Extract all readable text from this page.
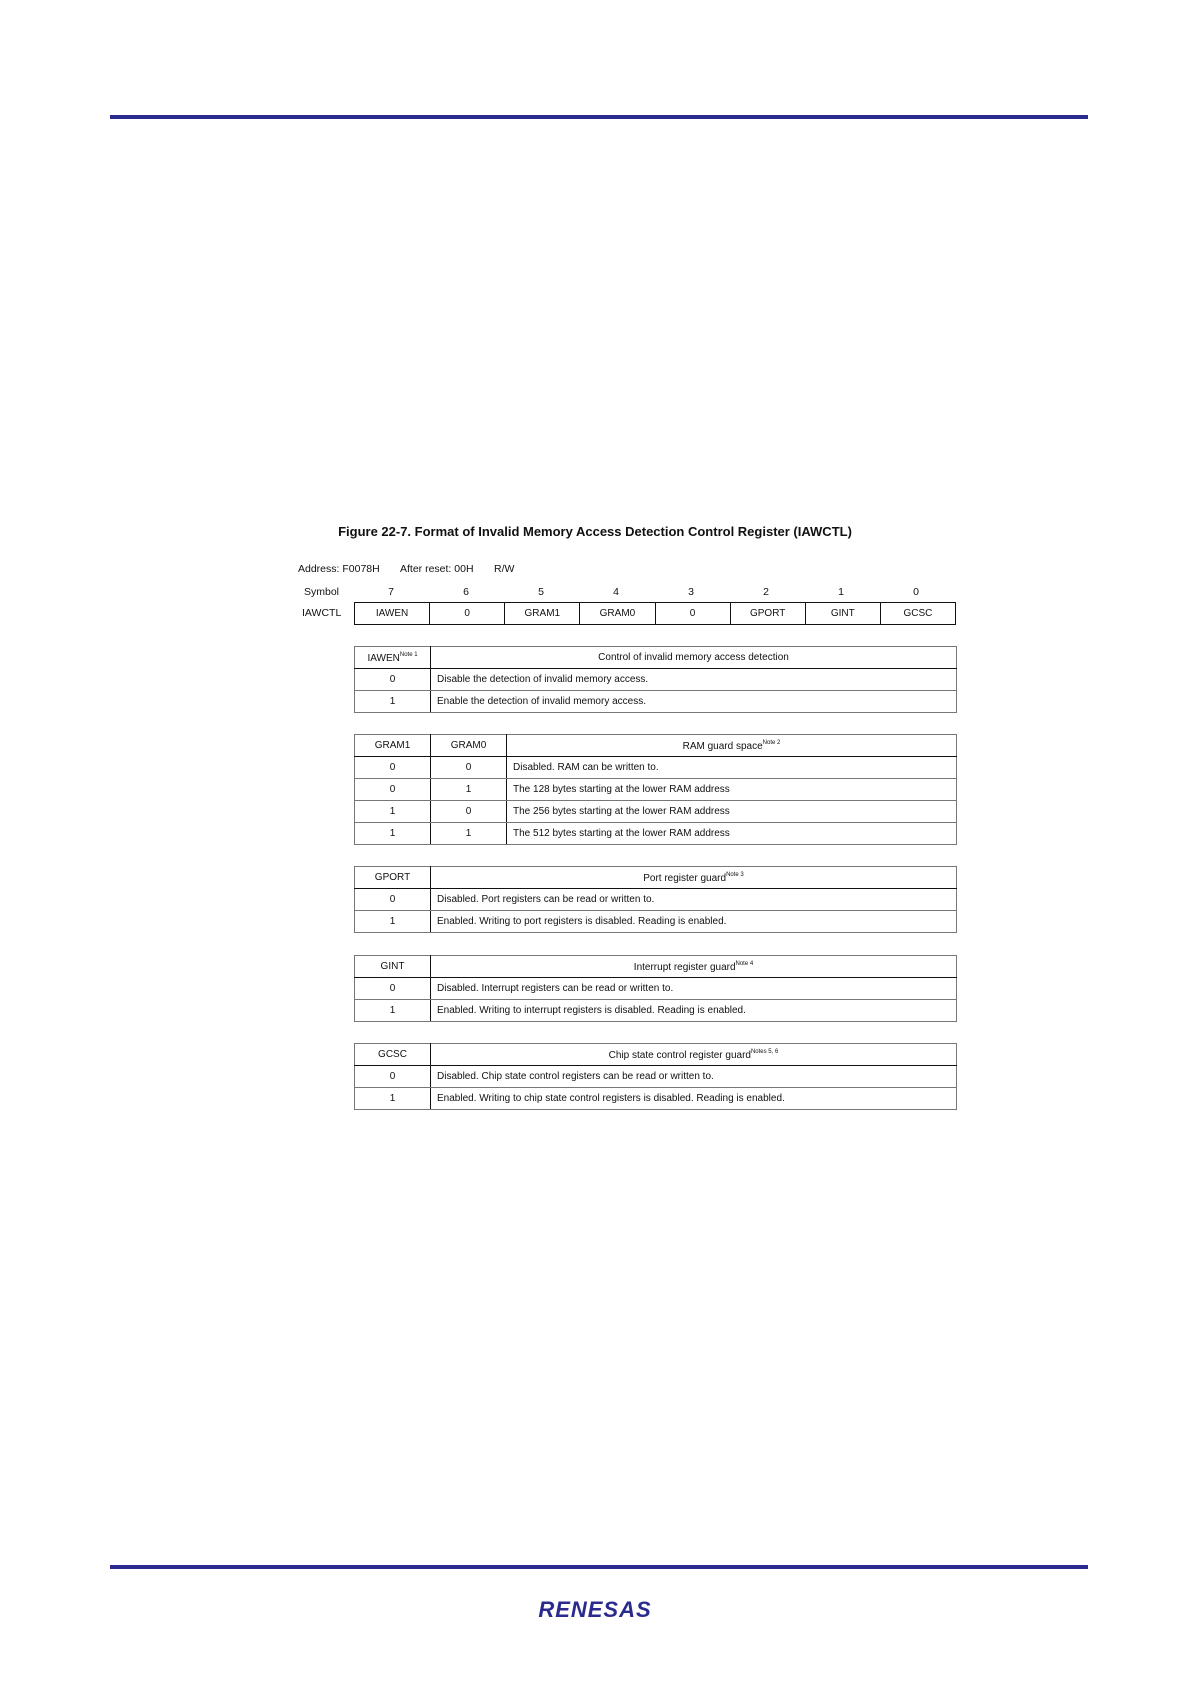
Figure 22-7. Format of Invalid Memory Access Detection Control Register (IAWCTL)
Address: F0078H After reset: 00H R/W
Symbol	7	6	5	4	3	2	1	0
IAWCTL	IAWEN	0	GRAM1	GRAM0	0	GPORT	GINT	GCSC
$IAWEN^{Note 1}$	Control of invalid memory access detection
0	Disable the detection of invalid memory access.
1	Enable the detection of invalid memory access.
GRAM1	GRAM0	RAM guard space$^{Note 2}$
0	0	Disabled. RAM can be written to.
0	1	The 128 bytes starting at the lower RAM address
1	0	The 256 bytes starting at the lower RAM address
1	1	The 512 bytes starting at the lower RAM address
GPORT	Port register guard$^{Note 3}$
0	Disabled. Port registers can be read or written to.
1	Enabled. Writing to port registers is disabled. Reading is enabled.
GINT	Interrupt register guard$^{Note 4}$
0	Disabled. Interrupt registers can be read or written to.
1	Enabled. Writing to interrupt registers is disabled. Reading is enabled.
GCSC	Chip state control register guard$^{Notes 5, 6}$
0	Disabled. Chip state control registers can be read or written to.
1	Enabled. Writing to chip state control registers is disabled. Reading is enabled.
RENESAS
